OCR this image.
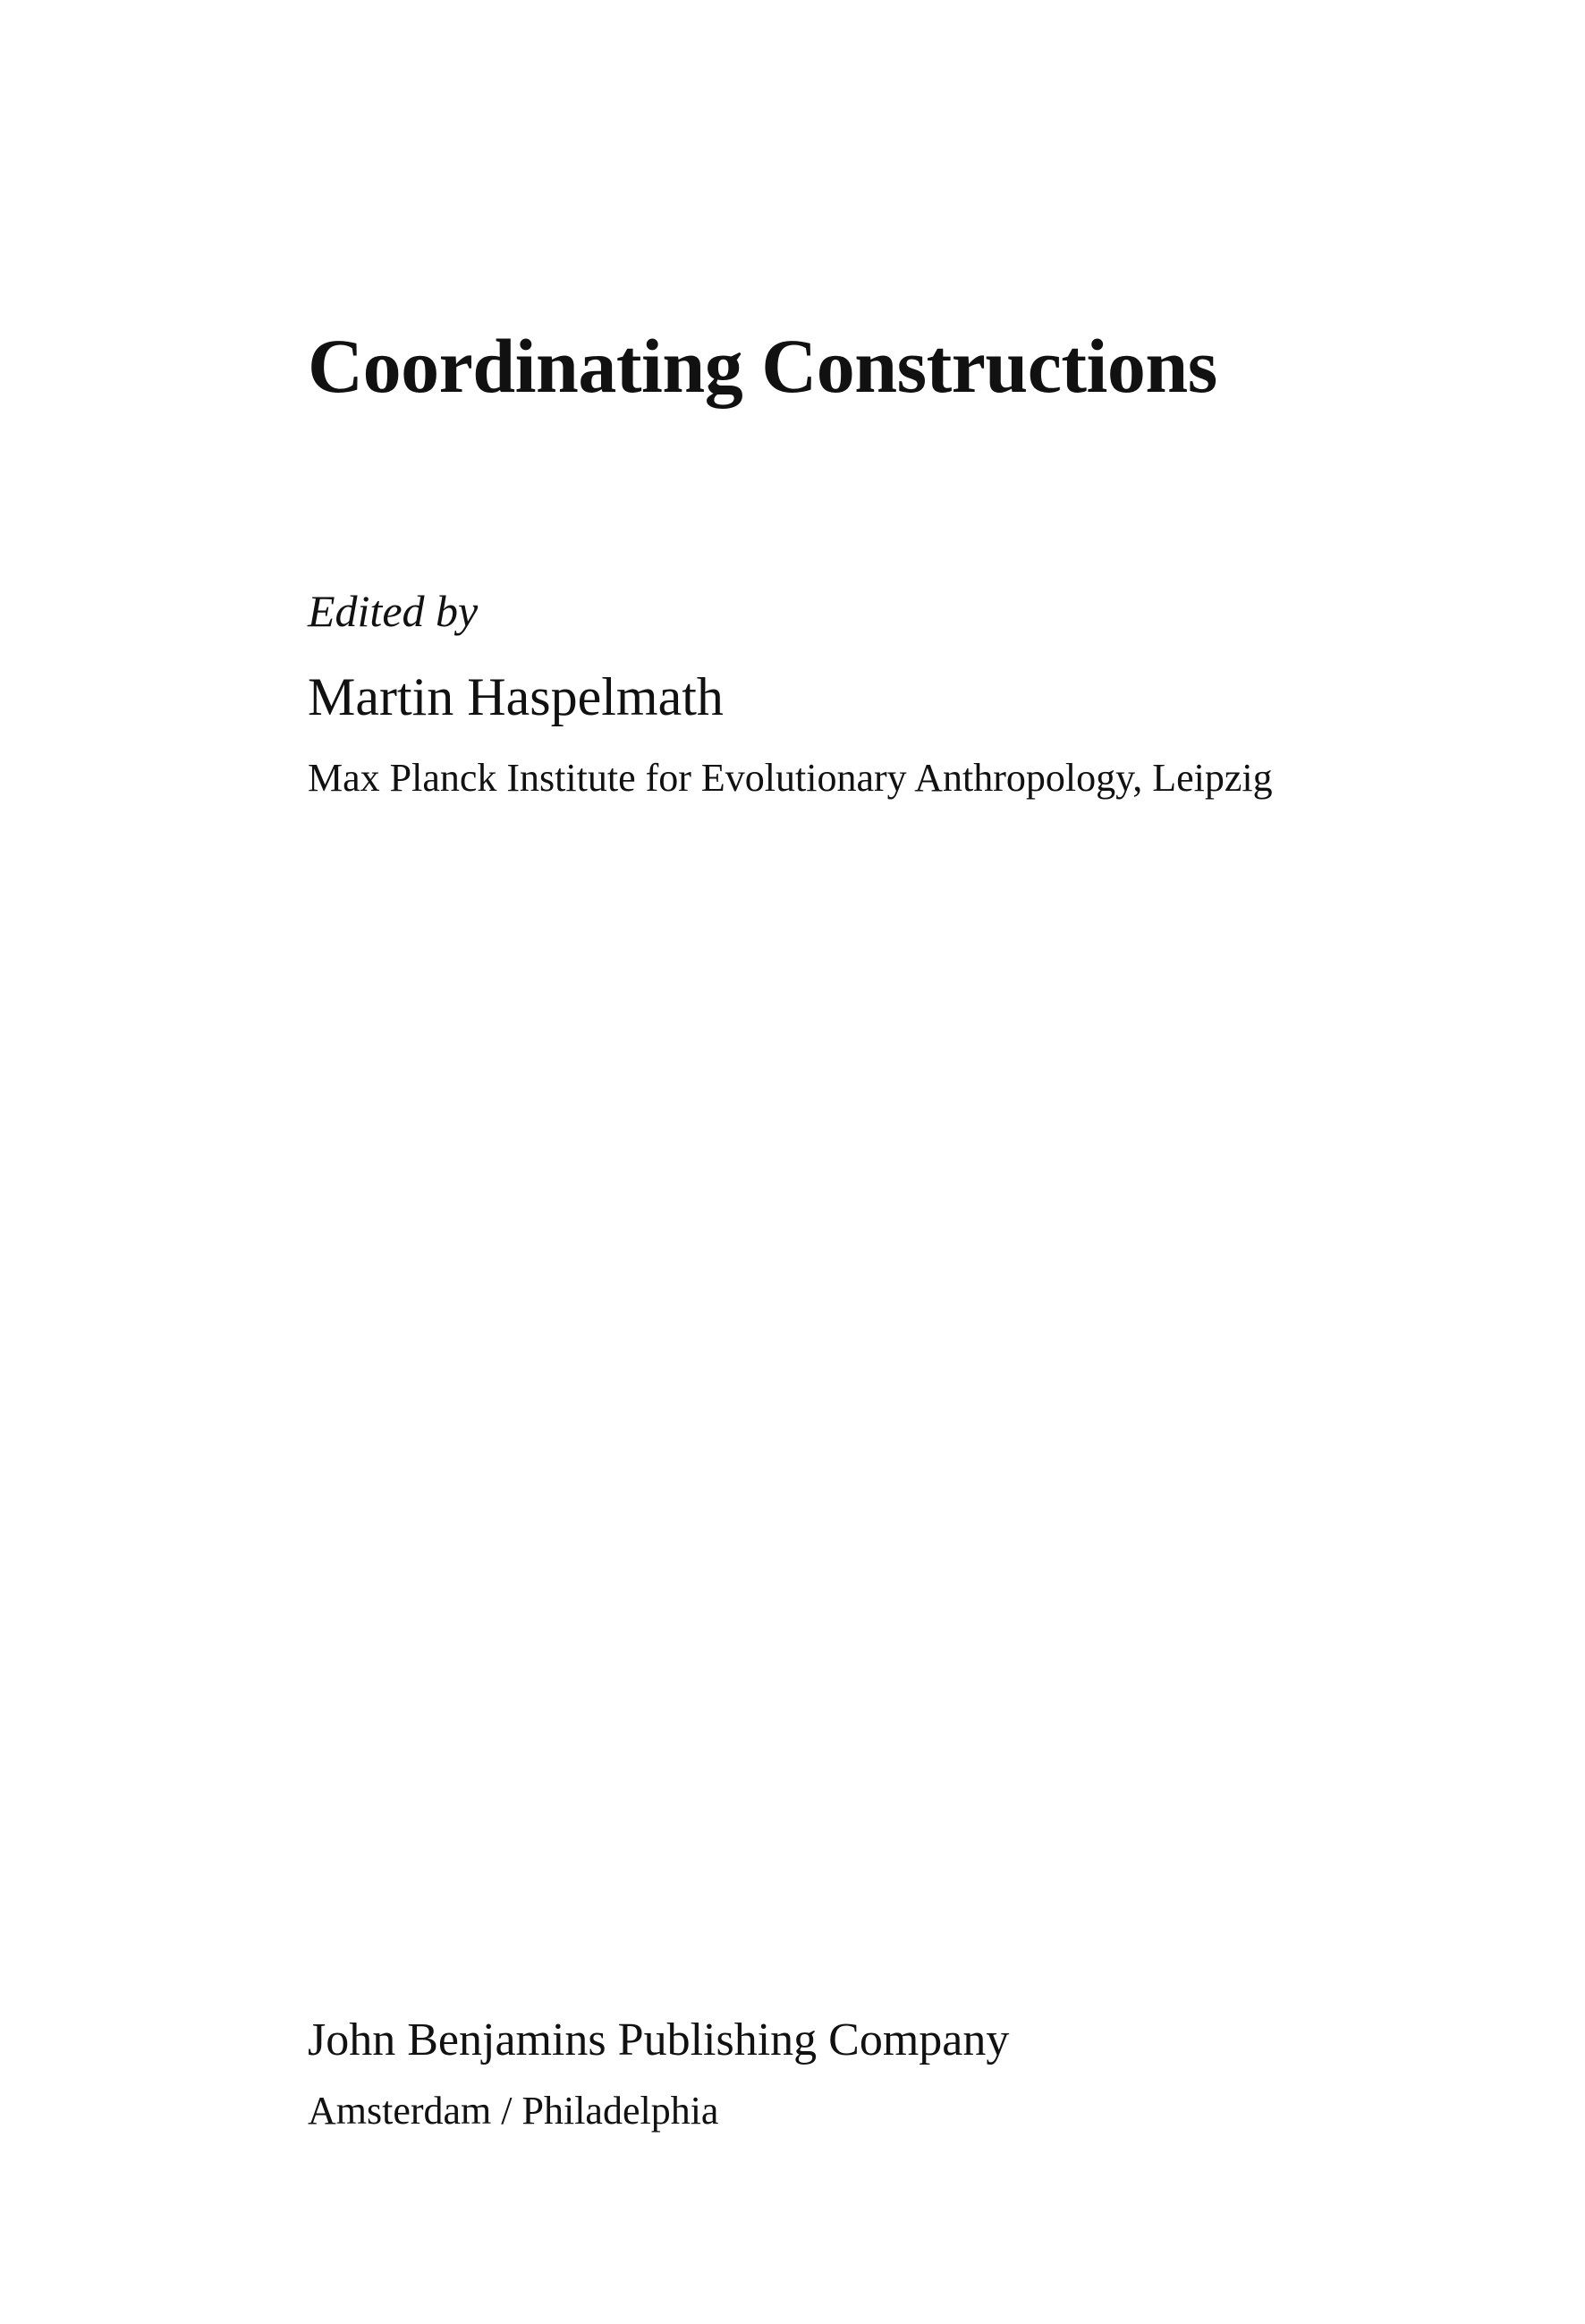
Coordinating Constructions

Edited by

Martin Haspelmath

Max Planck Institute for Evolutionary Anthropology, Leipzig

John Benjamins Publishing Company

Amsterdam / Philadelphia
